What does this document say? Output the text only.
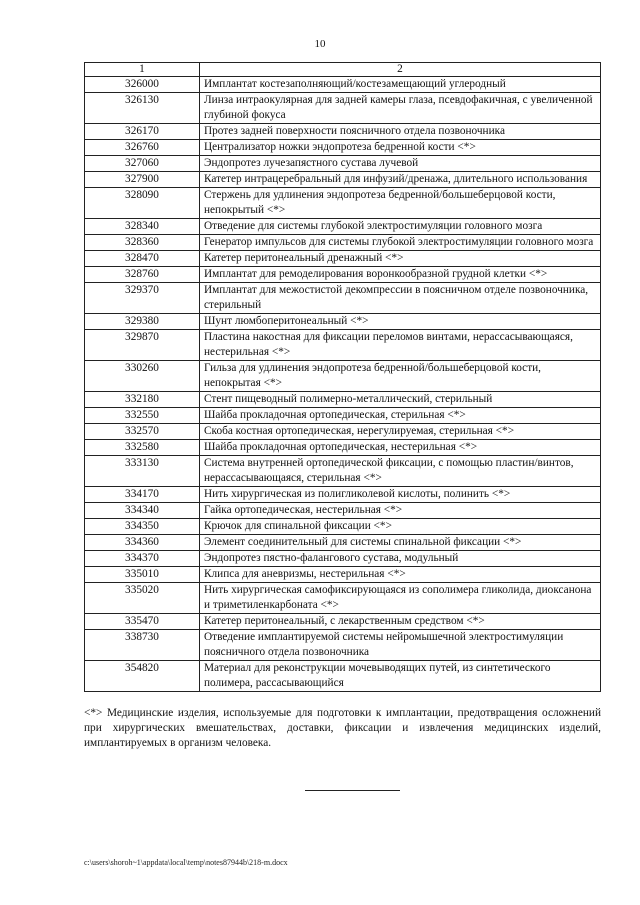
10
1	2
326000	Имплантат костезаполняющий/костезамещающий углеродный
326130	Линза интраокулярная для задней камеры глаза, псевдофакичная, с увеличенной глубиной фокуса
326170	Протез задней поверхности поясничного отдела позвоночника
326760	Централизатор ножки эндопротеза бедренной кости <*>
327060	Эндопротез лучезапястного сустава лучевой
327900	Катетер интрацеребральный для инфузий/дренажа, длительного использования
328090	Стержень для удлинения эндопротеза бедренной/большеберцовой кости, непокрытый <*>
328340	Отведение для системы глубокой электростимуляции головного мозга
328360	Генератор импульсов для системы глубокой электростимуляции головного мозга
328470	Катетер перитонеальный дренажный <*>
328760	Имплантат для ремоделирования воронкообразной грудной клетки <*>
329370	Имплантат для межостистой декомпрессии в поясничном отделе позвоночника, стерильный
329380	Шунт люмбоперитонеальный <*>
329870	Пластина накостная для фиксации переломов винтами, нерассасывающаяся, нестерильная <*>
330260	Гильза для удлинения эндопротеза бедренной/большеберцовой кости, непокрытая <*>
332180	Стент пищеводный полимерно-металлический, стерильный
332550	Шайба прокладочная ортопедическая, стерильная <*>
332570	Скоба костная ортопедическая, нерегулируемая, стерильная <*>
332580	Шайба прокладочная ортопедическая, нестерильная <*>
333130	Система внутренней ортопедической фиксации, с помощью пластин/винтов, нерассасывающаяся, стерильная <*>
334170	Нить хирургическая из полигликолевой кислоты, полинить <*>
334340	Гайка ортопедическая, нестерильная <*>
334350	Крючок для спинальной фиксации <*>
334360	Элемент соединительный для системы спинальной фиксации <*>
334370	Эндопротез пястно-фалангового сустава, модульный
335010	Клипса для аневризмы, нестерильная <*>
335020	Нить хирургическая самофиксирующаяся из сополимера гликолида, диоксанона и триметиленкарбоната <*>
335470	Катетер перитонеальный, с лекарственным средством <*>
338730	Отведение имплантируемой системы нейромышечной электростимуляции поясничного отдела позвоночника
354820	Материал для реконструкции мочевыводящих путей, из синтетического полимера, рассасывающийся
<*> Медицинские изделия, используемые для подготовки к имплантации, предотвращения осложнений при хирургических вмешательствах, доставки, фиксации и извлечения медицинских изделий, имплантируемых в организм человека.
c:\users\shoroh~1\appdata\local\temp\notes87944b\218-m.docx
